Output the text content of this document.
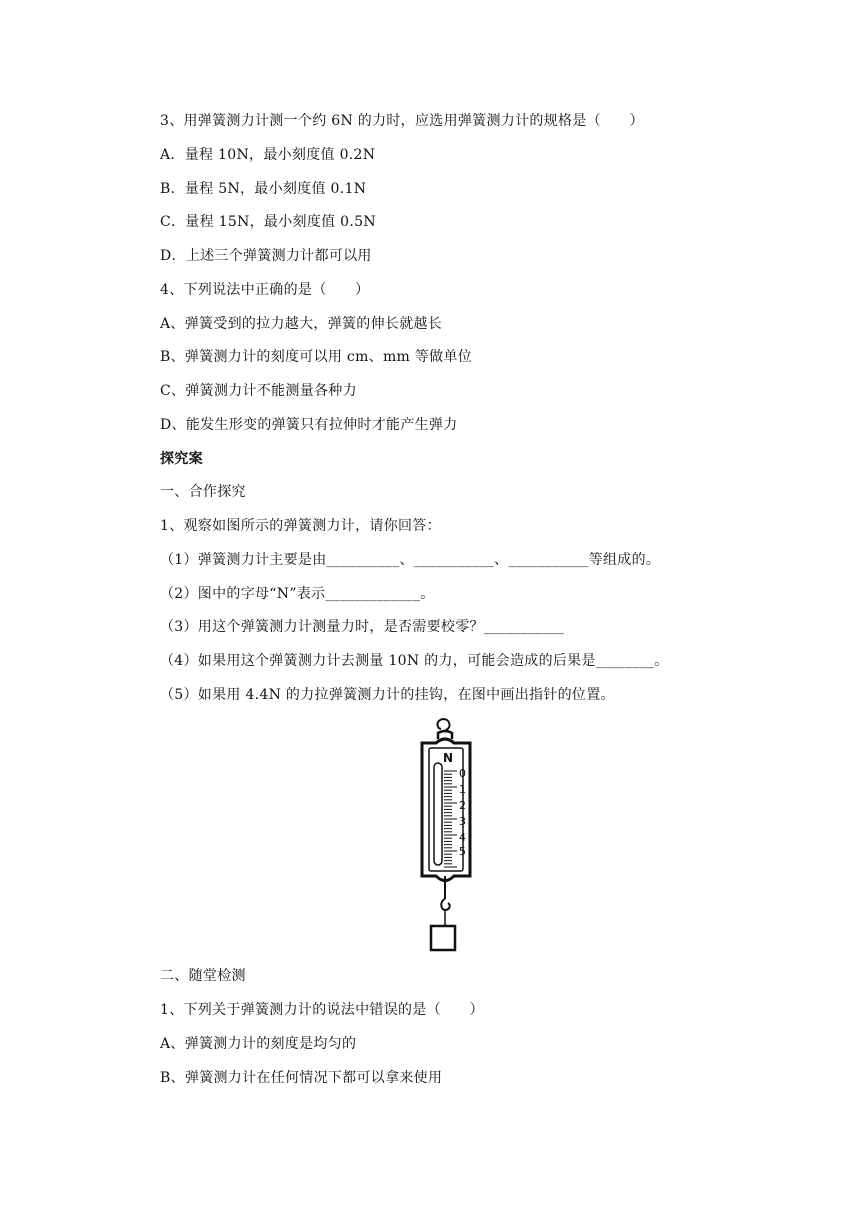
3、用弹簧测力计测一个约 6N 的力时，应选用弹簧测力计的规格是（　　）
A．量程 10N，最小刻度值 0.2N
B．量程 5N，最小刻度值 0.1N
C．量程 15N，最小刻度值 0.5N
D．上述三个弹簧测力计都可以用
4、下列说法中正确的是（　　）
A、弹簧受到的拉力越大，弹簧的伸长就越长
B、弹簧测力计的刻度可以用 cm、mm 等做单位
C、弹簧测力计不能测量各种力
D、能发生形变的弹簧只有拉伸时才能产生弹力
探究案
一、合作探究
1、观察如图所示的弹簧测力计，请你回答：
（1）弹簧测力计主要是由__________、___________、___________等组成的。
（2）图中的字母“N”表示_____________。
（3）用这个弹簧测力计测量力时，是否需要校零？___________
（4）如果用这个弹簧测力计去测量 10N 的力，可能会造成的后果是________。
（5）如果用 4.4N 的力拉弹簧测力计的挂钩，在图中画出指针的位置。
N
0
1
2
3
4
5
二、随堂检测
1、下列关于弹簧测力计的说法中错误的是（　　）
A、弹簧测力计的刻度是均匀的
B、弹簧测力计在任何情况下都可以拿来使用
